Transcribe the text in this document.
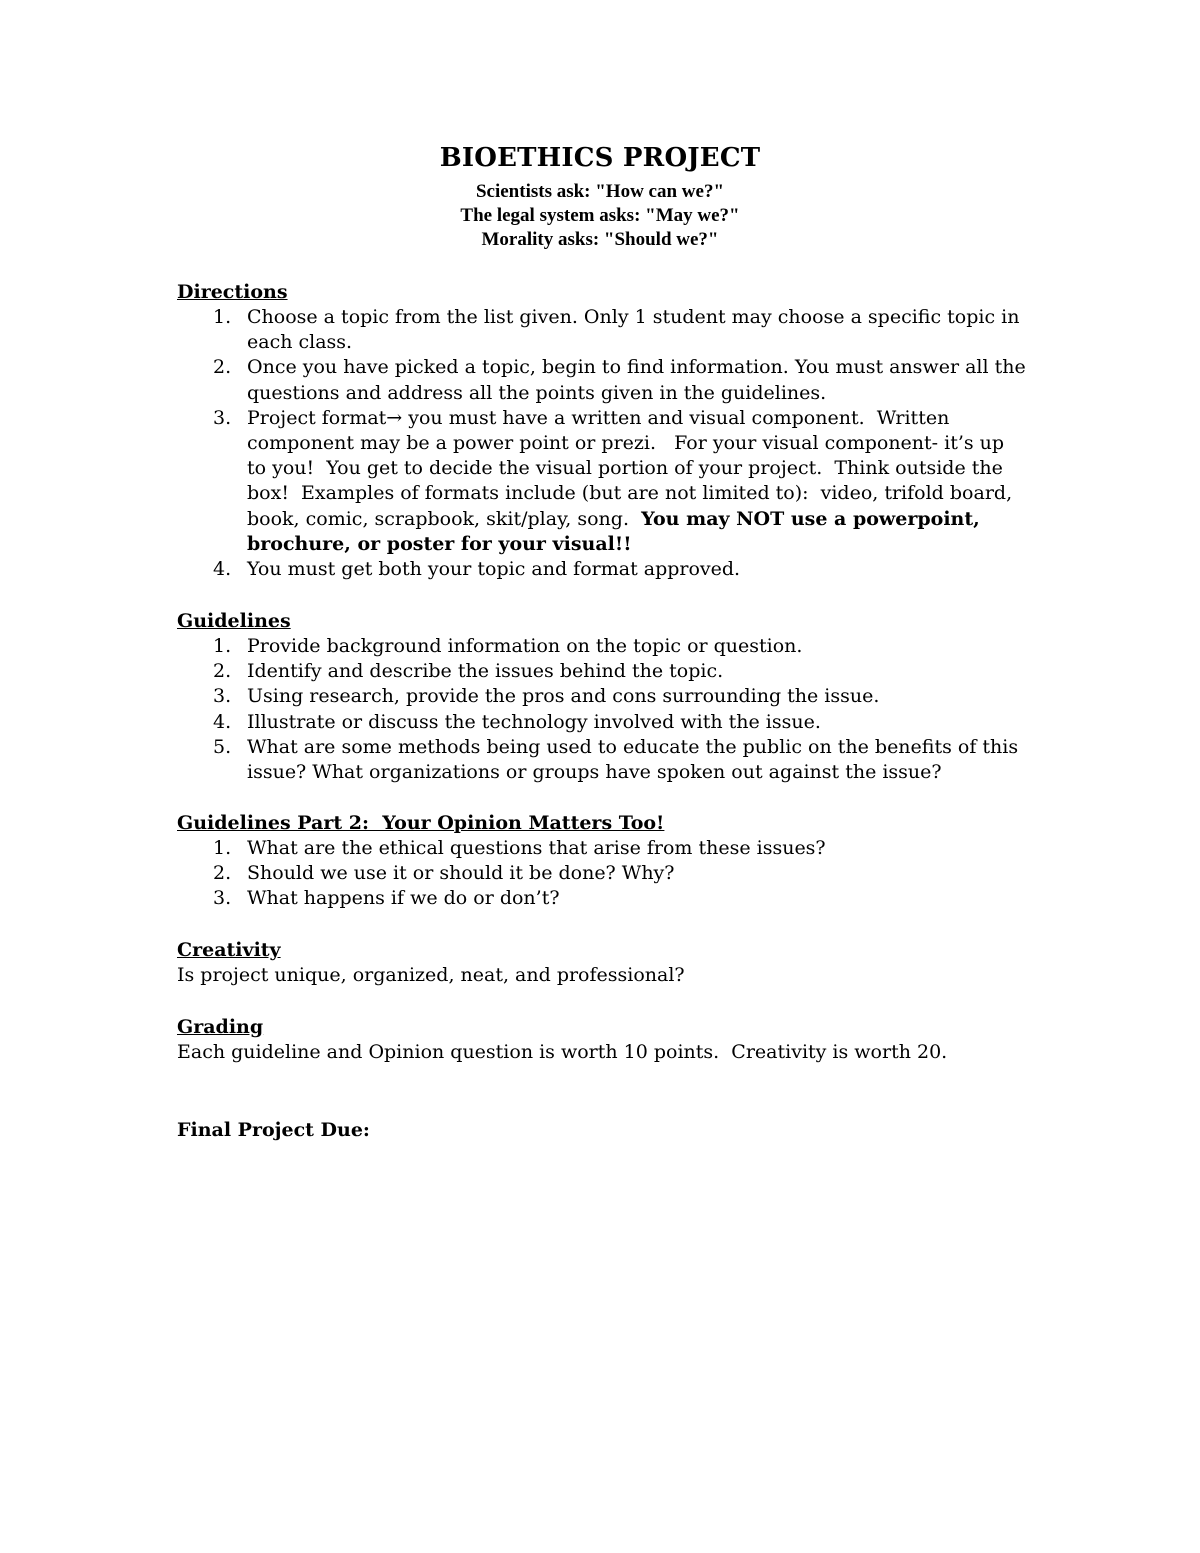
BIOETHICS PROJECT
Scientists ask: "How can we?"
The legal system asks: "May we?"
Morality asks: "Should we?"
Directions
1. Choose a topic from the list given. Only 1 student may choose a specific topic in each class.
2. Once you have picked a topic, begin to find information. You must answer all the questions and address all the points given in the guidelines.
3. Project format→ you must have a written and visual component.  Written component may be a power point or prezi.   For your visual component- it’s up to you!  You get to decide the visual portion of your project.  Think outside the box!  Examples of formats include (but are not limited to):  video, trifold board, book, comic, scrapbook, skit/play, song.  You may NOT use a powerpoint, brochure, or poster for your visual!!
4. You must get both your topic and format approved.
Guidelines
1. Provide background information on the topic or question.
2. Identify and describe the issues behind the topic.
3. Using research, provide the pros and cons surrounding the issue.
4. Illustrate or discuss the technology involved with the issue.
5. What are some methods being used to educate the public on the benefits of this issue? What organizations or groups have spoken out against the issue?
Guidelines Part 2:  Your Opinion Matters Too!
1. What are the ethical questions that arise from these issues?
2. Should we use it or should it be done? Why?
3. What happens if we do or don’t?
Creativity
Is project unique, organized, neat, and professional?
Grading
Each guideline and Opinion question is worth 10 points.  Creativity is worth 20.
Final Project Due:
